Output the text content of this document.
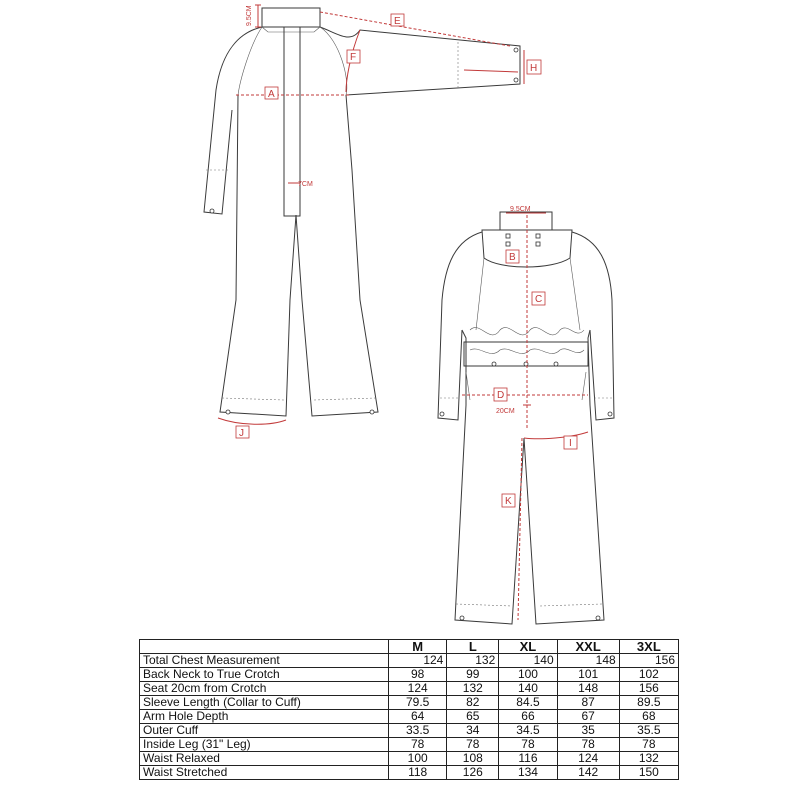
9.5CM	E
F
A
H
7CM
J
9.5CM
B
C
D
20CM
I
K
	M	L	XL	XXL	3XL
Total Chest Measurement	124	132	140	148	156
Back Neck to True Crotch	98	99	100	101	102
Seat 20cm from Crotch	124	132	140	148	156
Sleeve Length (Collar to Cuff)	79.5	82	84.5	87	89.5
Arm Hole Depth	64	65	66	67	68
Outer Cuff	33.5	34	34.5	35	35.5
Inside Leg (31" Leg)	78	78	78	78	78
Waist Relaxed	100	108	116	124	132
Waist Stretched	118	126	134	142	150
